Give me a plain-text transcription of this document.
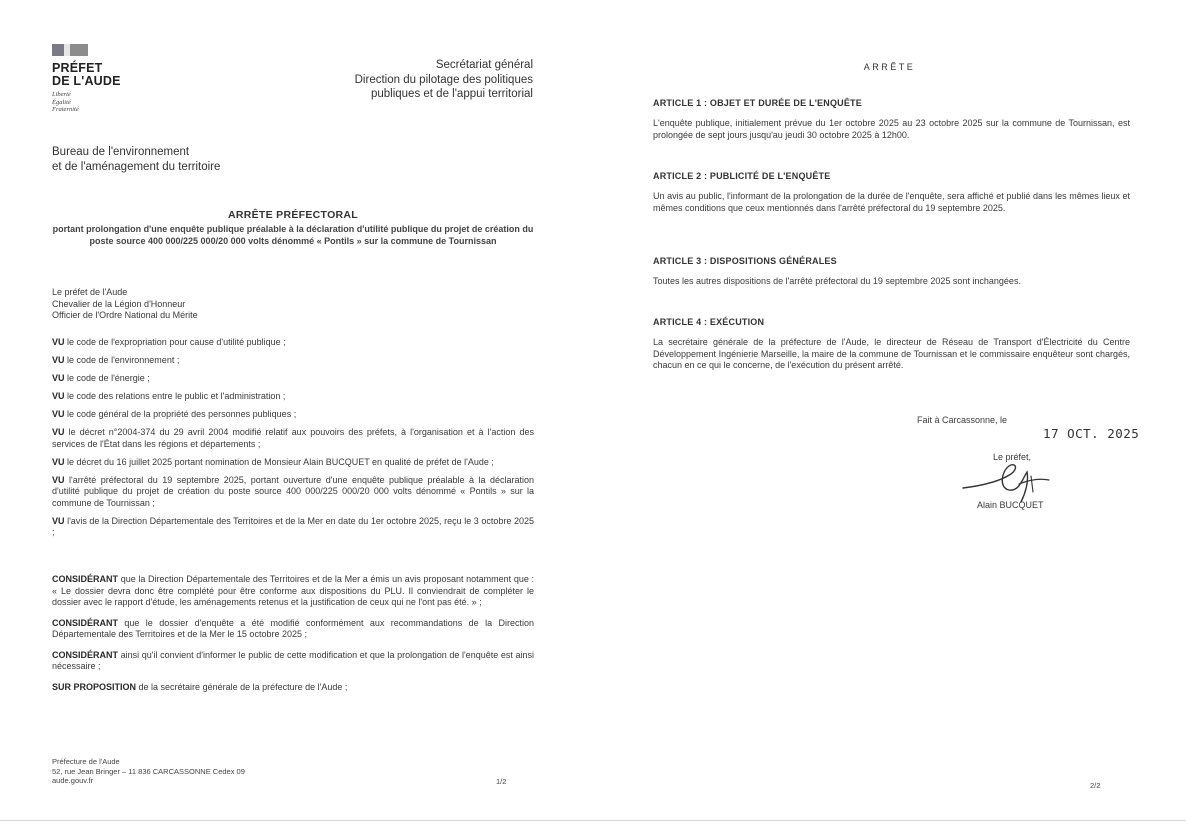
PRÉFET
DE L'AUDE
Liberté
Égalité
Fraternité
Secrétariat général
Direction du pilotage des politiques
publiques et de l'appui territorial
Bureau de l'environnement
et de l'aménagement du territoire
ARRÊTE PRÉFECTORAL
portant prolongation d'une enquête publique préalable à la déclaration d'utilité publique du projet de création du poste source 400 000/225 000/20 000 volts dénommé « Pontils » sur la commune de Tournissan
Le préfet de l'Aude
Chevalier de la Légion d'Honneur
Officier de l'Ordre National du Mérite
VU le code de l'expropriation pour cause d'utilité publique ;
VU le code de l'environnement ;
VU le code de l'énergie ;
VU le code des relations entre le public et l'administration ;
VU le code général de la propriété des personnes publiques ;
VU le décret n°2004-374 du 29 avril 2004 modifié relatif aux pouvoirs des préfets, à l'organisation et à l'action des services de l'État dans les régions et départements ;
VU le décret du 16 juillet 2025 portant nomination de Monsieur Alain BUCQUET en qualité de préfet de l'Aude ;
VU l'arrêté préfectoral du 19 septembre 2025, portant ouverture d'une enquête publique préalable à la déclaration d'utilité publique du projet de création du poste source 400 000/225 000/20 000 volts dénommé « Pontils » sur la commune de Tournissan ;
VU l'avis de la Direction Départementale des Territoires et de la Mer en date du 1er octobre 2025, reçu le 3 octobre 2025 ;
CONSIDÉRANT que la Direction Départementale des Territoires et de la Mer a émis un avis proposant notamment que : « Le dossier devra donc être complété pour être conforme aux dispositions du PLU. Il conviendrait de compléter le dossier avec le rapport d'étude, les aménagements retenus et la justification de ceux qui ne l'ont pas été. » ;
CONSIDÉRANT que le dossier d'enquête a été modifié conformément aux recommandations de la Direction Départementale des Territoires et de la Mer le 15 octobre 2025 ;
CONSIDÉRANT ainsi qu'il convient d'informer le public de cette modification et que la prolongation de l'enquête est ainsi nécessaire ;
SUR PROPOSITION de la secrétaire générale de la préfecture de l'Aude ;
Préfecture de l'Aude
52, rue Jean Bringer – 11 836 CARCASSONNE Cedex 09
aude.gouv.fr	1/2
ARRÊTE
ARTICLE 1 : OBJET ET DURÉE DE L'ENQUÊTE
L'enquête publique, initialement prévue du 1er octobre 2025 au 23 octobre 2025 sur la commune de Tournissan, est prolongée de sept jours jusqu'au jeudi 30 octobre 2025 à 12h00.
ARTICLE 2 : PUBLICITÉ DE L'ENQUÊTE
Un avis au public, l'informant de la prolongation de la durée de l'enquête, sera affiché et publié dans les mêmes lieux et mêmes conditions que ceux mentionnés dans l'arrêté préfectoral du 19 septembre 2025.
ARTICLE 3 : DISPOSITIONS GÉNÉRALES
Toutes les autres dispositions de l'arrêté préfectoral du 19 septembre 2025 sont inchangées.
ARTICLE 4 : EXÉCUTION
La secrétaire générale de la préfecture de l'Aude, le directeur de Réseau de Transport d'Électricité du Centre Développement Ingénierie Marseille, la maire de la commune de Tournissan et le commissaire enquêteur sont chargés, chacun en ce qui le concerne, de l'exécution du présent arrêté.
Fait à Carcassonne, le
17 OCT. 2025
Le préfet,
Alain BUCQUET
2/2
